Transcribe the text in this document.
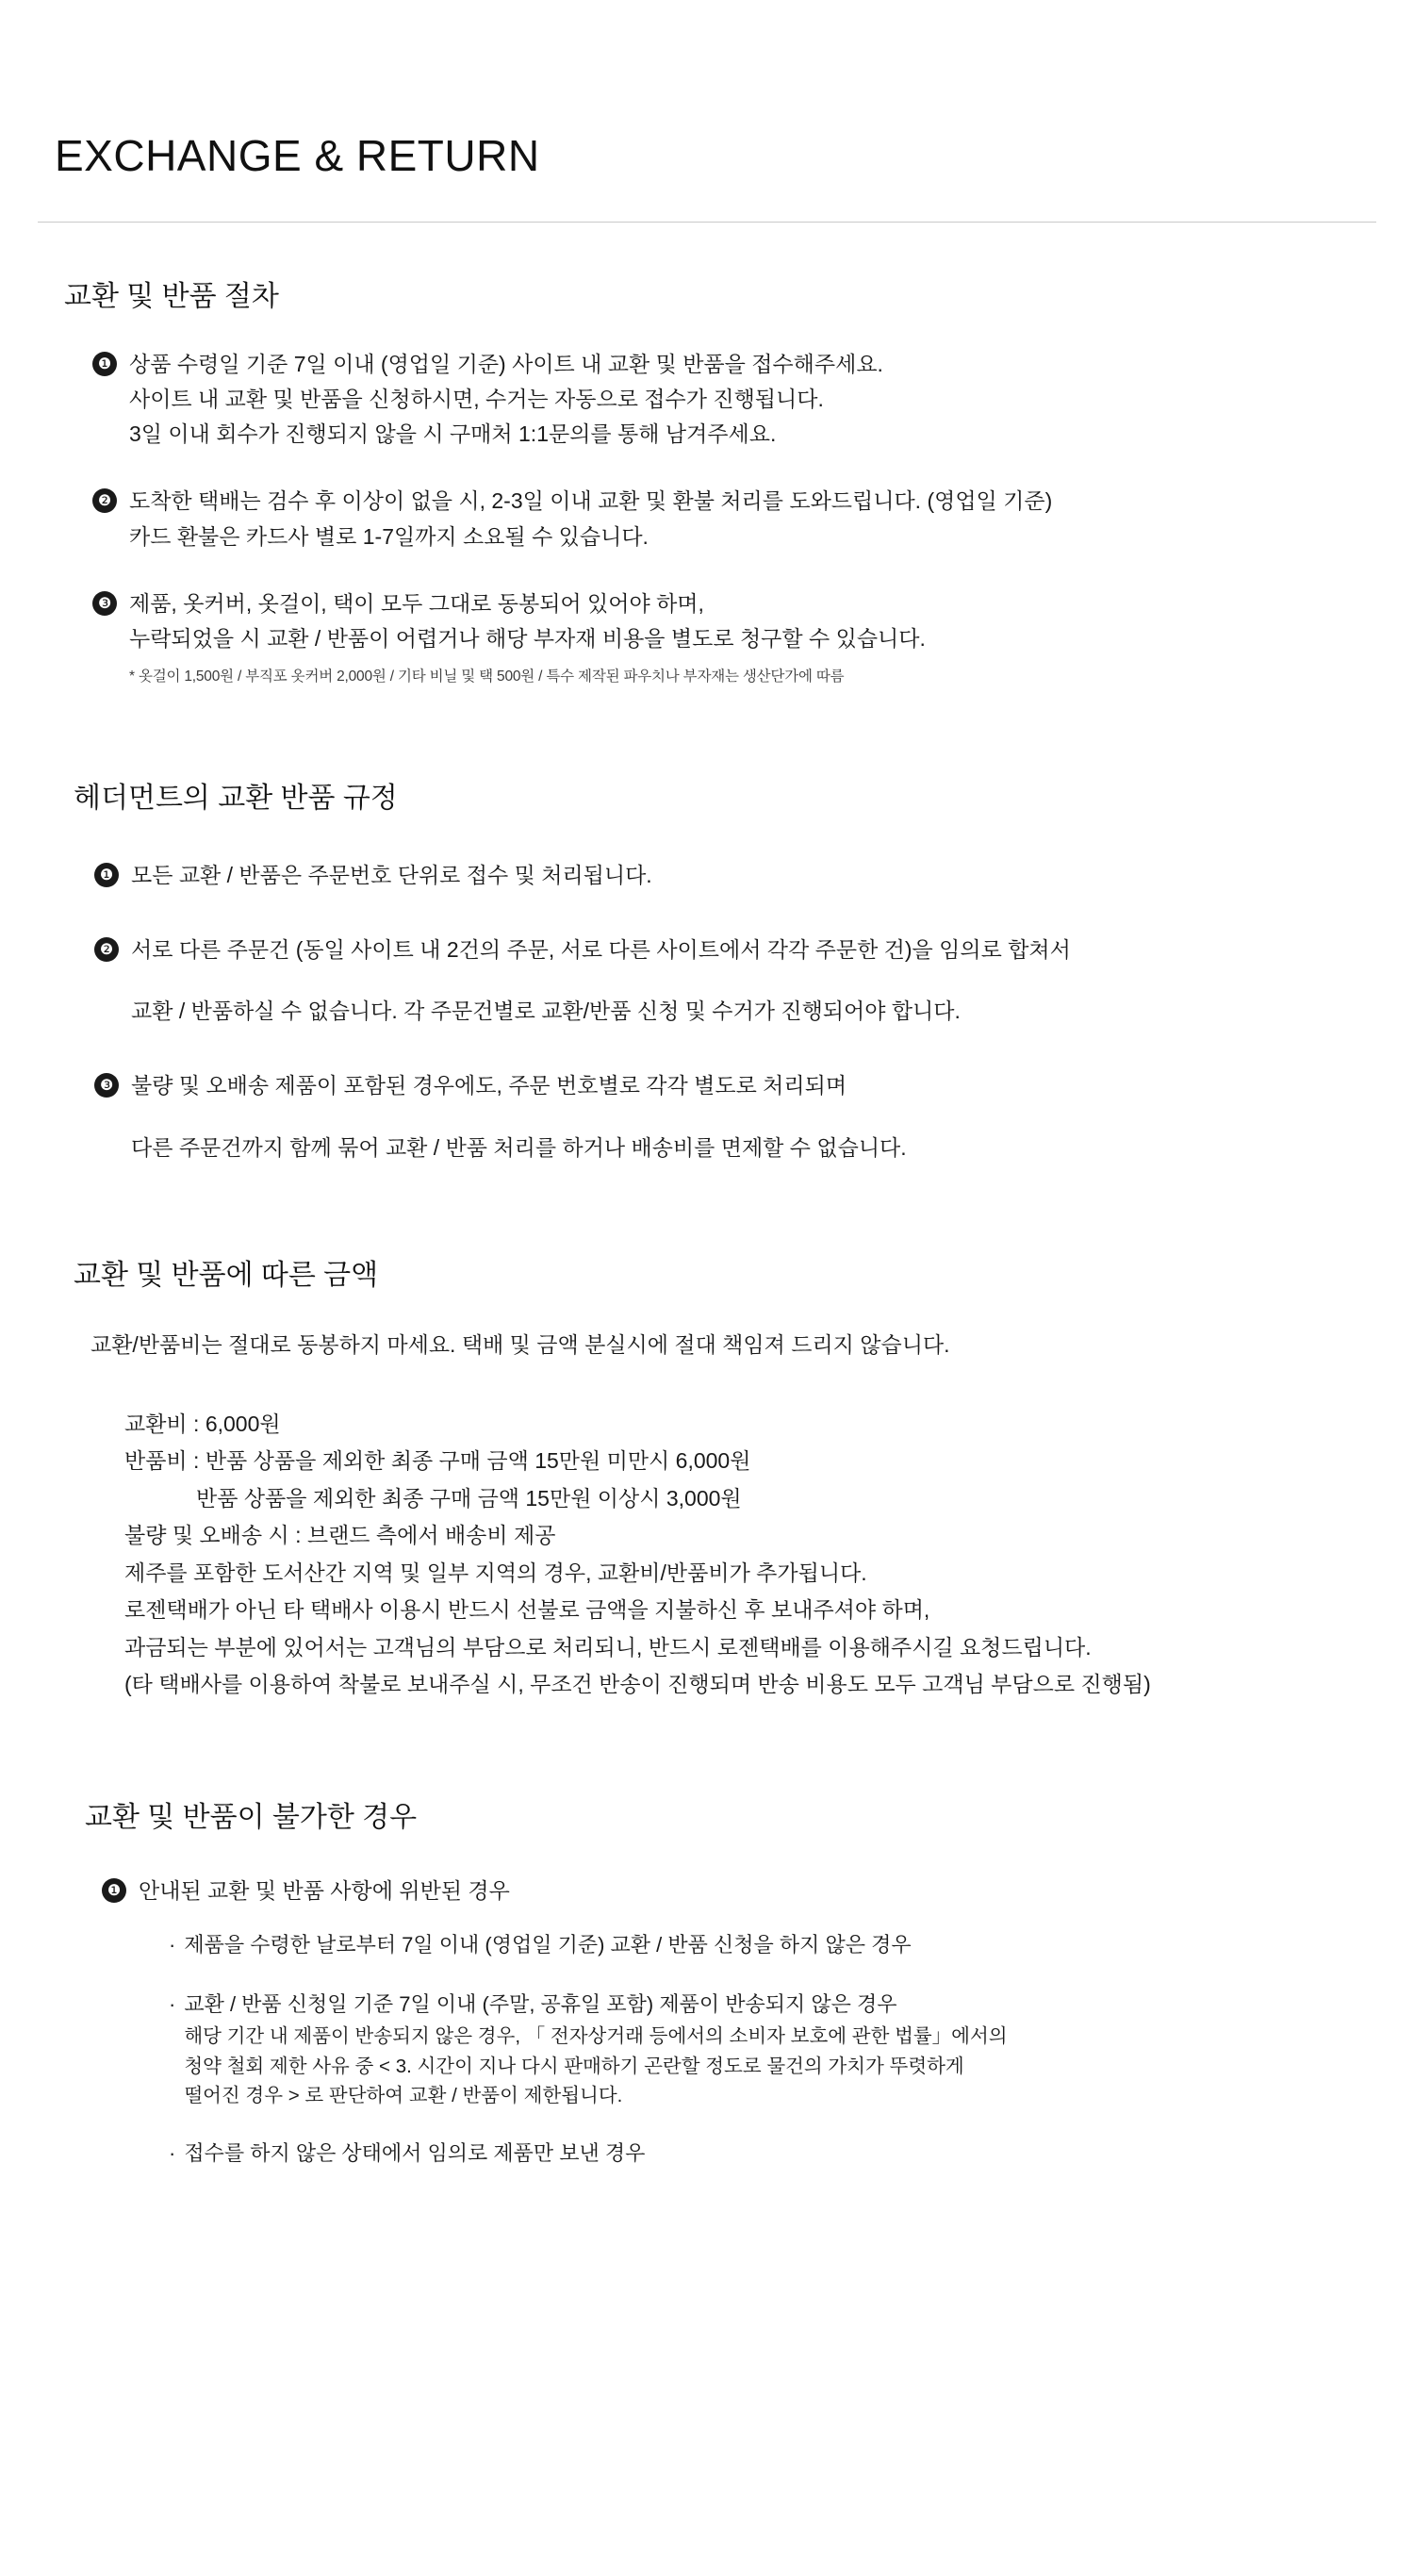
EXCHANGE & RETURN
교환 및 반품 절차
❶ 상품 수령일 기준 7일 이내 (영업일 기준) 사이트 내 교환 및 반품을 접수해주세요.
사이트 내 교환 및 반품을 신청하시면, 수거는 자동으로 접수가 진행됩니다.
3일 이내 회수가 진행되지 않을 시 구매처 1:1문의를 통해 남겨주세요.
❷ 도착한 택배는 검수 후 이상이 없을 시, 2-3일 이내 교환 및 환불 처리를 도와드립니다. (영업일 기준)
카드 환불은 카드사 별로 1-7일까지 소요될 수 있습니다.
❸ 제품, 옷커버, 옷걸이, 택이 모두 그대로 동봉되어 있어야 하며,
누락되었을 시 교환 / 반품이 어렵거나 해당 부자재 비용을 별도로 청구할 수 있습니다.
* 옷걸이 1,500원 / 부직포 옷커버 2,000원 / 기타 비닐 및 택 500원 / 특수 제작된 파우치나 부자재는 생산단가에 따름
헤더먼트의 교환 반품 규정
❶ 모든 교환 / 반품은 주문번호 단위로 접수 및 처리됩니다.
❷ 서로 다른 주문건 (동일 사이트 내 2건의 주문, 서로 다른 사이트에서 각각 주문한 건)을 임의로 합쳐서
교환 / 반품하실 수 없습니다. 각 주문건별로 교환/반품 신청 및 수거가 진행되어야 합니다.
❸ 불량 및 오배송 제품이 포함된 경우에도, 주문 번호별로 각각 별도로 처리되며
다른 주문건까지 함께 묶어 교환 / 반품 처리를 하거나 배송비를 면제할 수 없습니다.
교환 및 반품에 따른 금액

교환/반품비는 절대로 동봉하지 마세요. 택배 및 금액 분실시에 절대 책임져 드리지 않습니다.

교환비 : 6,000원
반품비 : 반품 상품을 제외한 최종 구매 금액 15만원 미만시 6,000원
반품 상품을 제외한 최종 구매 금액 15만원 이상시 3,000원
불량 및 오배송 시 : 브랜드 측에서 배송비 제공
제주를 포함한 도서산간 지역 및 일부 지역의 경우, 교환비/반품비가 추가됩니다.
로젠택배가 아닌 타 택배사 이용시 반드시 선불로 금액을 지불하신 후 보내주셔야 하며,
과금되는 부분에 있어서는 고객님의 부담으로 처리되니, 반드시 로젠택배를 이용해주시길 요청드립니다.
(타 택배사를 이용하여 착불로 보내주실 시, 무조건 반송이 진행되며 반송 비용도 모두 고객님 부담으로 진행됨)
교환 및 반품이 불가한 경우
❶ 안내된 교환 및 반품 사항에 위반된 경우
· 제품을 수령한 날로부터 7일 이내 (영업일 기준) 교환 / 반품 신청을 하지 않은 경우
· 교환 / 반품 신청일 기준 7일 이내 (주말, 공휴일 포함) 제품이 반송되지 않은 경우
해당 기간 내 제품이 반송되지 않은 경우, 「 전자상거래 등에서의 소비자 보호에 관한 법률」에서의
청약 철회 제한 사유 중 < 3. 시간이 지나 다시 판매하기 곤란할 정도로 물건의 가치가 뚜렷하게
떨어진 경우 > 로 판단하여 교환 / 반품이 제한됩니다.
· 접수를 하지 않은 상태에서 임의로 제품만 보낸 경우
